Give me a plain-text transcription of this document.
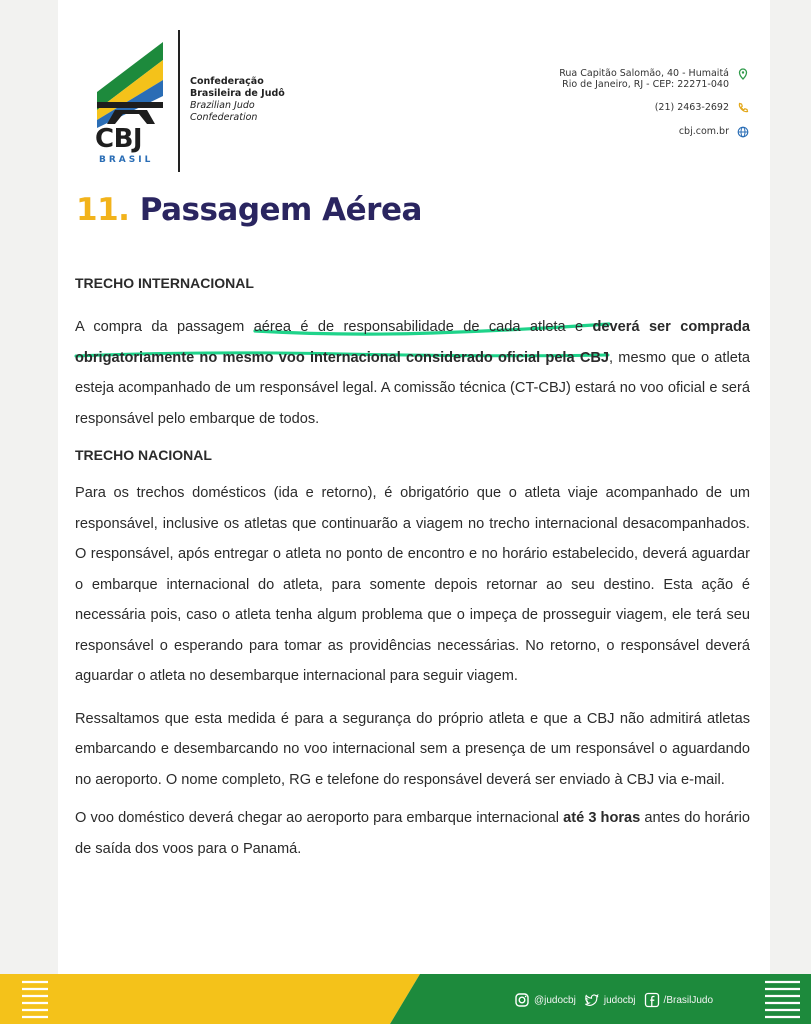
CBJ
BRASIL
Confederação
Brasileira de Judô
Brazilian Judo
Confederation
Rua Capitão Salomão, 40 - Humaitá
Rio de Janeiro, RJ - CEP: 22271-040
(21) 2463-2692
cbj.com.br
11. Passagem Aérea
TRECHO INTERNACIONAL

A compra da passagem aérea é de responsabilidade de cada atleta e deverá ser comprada obrigatoriamente no mesmo voo internacional considerado oficial pela CBJ, mesmo que o atleta esteja acompanhado de um responsável legal. A comissão técnica (CT-CBJ) estará no voo oficial e será responsável pelo embarque de todos.

TRECHO NACIONAL

Para os trechos domésticos (ida e retorno), é obrigatório que o atleta viaje acompanhado de um responsável, inclusive os atletas que continuarão a viagem no trecho internacional desacompanhados. O responsável, após entregar o atleta no ponto de encontro e no horário estabelecido, deverá aguardar o embarque internacional do atleta, para somente depois retornar ao seu destino. Esta ação é necessária pois, caso o atleta tenha algum problema que o impeça de prosseguir viagem, ele terá seu responsável o esperando para tomar as providências necessárias. No retorno, o responsável deverá aguardar o atleta no desembarque internacional para seguir viagem.

Ressaltamos que esta medida é para a segurança do próprio atleta e que a CBJ não admitirá atletas embarcando e desembarcando no voo internacional sem a presença de um responsável o aguardando no aeroporto. O nome completo, RG e telefone do responsável deverá ser enviado à CBJ via e-mail.

O voo doméstico deverá chegar ao aeroporto para embarque internacional até 3 horas antes do horário de saída dos voos para o Panamá.

@judocbj	judocbj	/BrasilJudo
